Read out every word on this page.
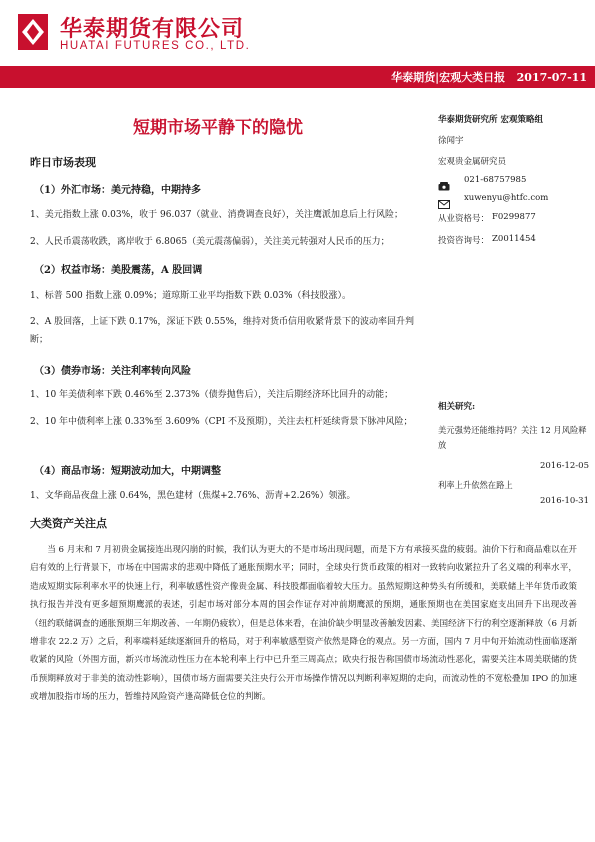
华泰期货有限公司
HUATAI FUTURES CO., LTD.
华泰期货|宏观大类日报   2017-07-11
短期市场平静下的隐忧
昨日市场表现
（1）外汇市场：美元持稳，中期持多
1、美元指数上涨 0.03%，收于 96.037（就业、消费调查良好），关注鹰派加息后上行风险；
2、人民币震荡收跌，离岸收于 6.8065（美元震荡偏弱），关注美元转强对人民币的压力；
（2）权益市场：美股震荡，A 股回调
1、标普 500 指数上涨 0.09%；道琼斯工业平均指数下跌 0.03%（科技股涨）。
2、A 股回落，上证下跌 0.17%，深证下跌 0.55%，维持对货币信用收紧背景下的波动率回升判断；
（3）债券市场：关注利率转向风险
1、10 年美债利率下跌 0.46%至 2.373%（债券抛售后），关注后期经济环比回升的动能；
2、10 年中债利率上涨 0.33%至 3.609%（CPI 不及预期），关注去杠杆延续背景下脉冲风险；
（4）商品市场：短期波动加大，中期调整
1、文华商品夜盘上涨 0.64%，黑色建材（焦煤+2.76%、沥青+2.26%）领涨。
大类资产关注点
当 6 月末和 7 月初贵金属接连出现闪崩的时候，我们认为更大的不是市场出现问题，而是下方有承接买盘的疲弱。油价下行和商品难以在开启有效的上行背景下，市场在中国需求的悲观中降低了通胀预期水平；同时，全球央行货币政策的相对一致转向收紧拉升了名义端的利率水平，造成短期实际利率水平的快速上行，利率敏感性资产像贵金属、科技股都面临着较大压力。虽然短期这种势头有所缓和，美联储上半年货币政策执行报告并没有更多超预期鹰派的表述，引起市场对部分本周的国会作证存对冲前期鹰派的预期，通胀预期也在美国家庭支出回升下出现改善（纽约联储调查的通胀预期三年期改善、一年期仍疲软），但是总体来看，在油价缺少明显改善触发因素、美国经济下行的利空逐渐释放（6 月新增非农 22.2 万）之后，利率端料延续逐渐回升的格局，对于利率敏感型资产依然是降仓的观点。另一方面，国内 7 月中旬开始流动性面临逐渐收紧的风险（外围方面，新兴市场流动性压力在本轮利率上行中已升至三周高点；欧央行报告称国债市场流动性恶化，需要关注本周美联储的货币预期释放对于非美的流动性影响），国债市场方面需要关注央行公开市场操作情况以判断利率短期的走向，而流动性的不宽松叠加 IPO 的加速或增加股指市场的压力，暂维持风险资产逢高降低仓位的判断。
华泰期货研究所 宏观策略组
徐闻宇
宏观贵金属研究员
021-68757985
xuwenyu@htfc.com
从业资格号： F0299877
投资咨询号： Z0011454
相关研究:
美元强势还能维持吗？关注 12 月风险释放
2016-12-05
利率上升依然在路上
2016-10-31
